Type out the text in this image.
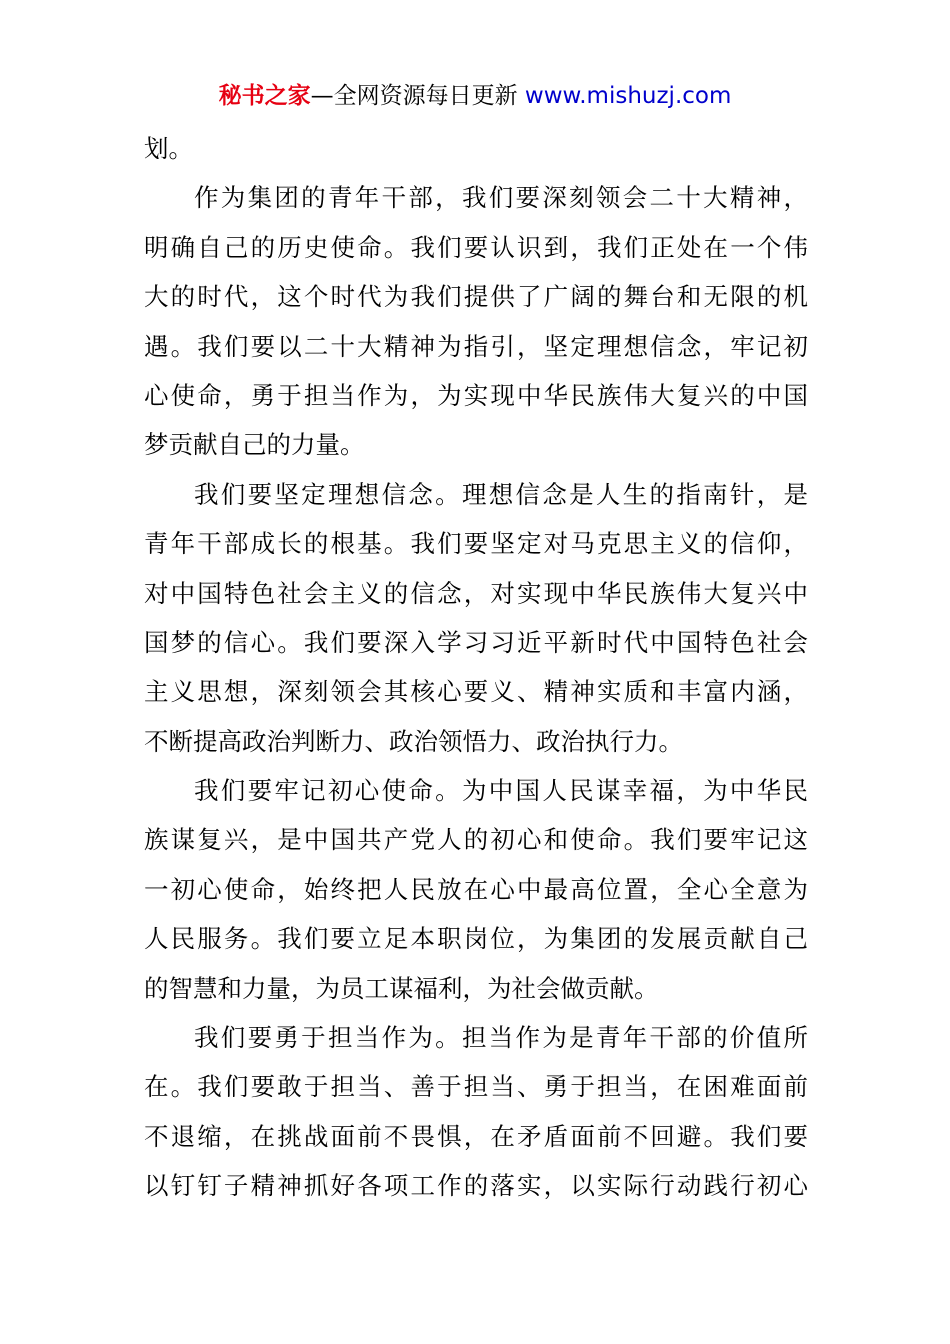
秘书之家—全网资源每日更新 www.mishuzj.com
划。
作为集团的青年干部，我们要深刻领会二十大精神，
明确自己的历史使命。我们要认识到，我们正处在一个伟
大的时代，这个时代为我们提供了广阔的舞台和无限的机
遇。我们要以二十大精神为指引，坚定理想信念，牢记初
心使命，勇于担当作为，为实现中华民族伟大复兴的中国
梦贡献自己的力量。
我们要坚定理想信念。理想信念是人生的指南针，是
青年干部成长的根基。我们要坚定对马克思主义的信仰，
对中国特色社会主义的信念，对实现中华民族伟大复兴中
国梦的信心。我们要深入学习习近平新时代中国特色社会
主义思想，深刻领会其核心要义、精神实质和丰富内涵，
不断提高政治判断力、政治领悟力、政治执行力。
我们要牢记初心使命。为中国人民谋幸福，为中华民
族谋复兴，是中国共产党人的初心和使命。我们要牢记这
一初心使命，始终把人民放在心中最高位置，全心全意为
人民服务。我们要立足本职岗位，为集团的发展贡献自己
的智慧和力量，为员工谋福利，为社会做贡献。
我们要勇于担当作为。担当作为是青年干部的价值所
在。我们要敢于担当、善于担当、勇于担当，在困难面前
不退缩，在挑战面前不畏惧，在矛盾面前不回避。我们要
以钉钉子精神抓好各项工作的落实，以实际行动践行初心
